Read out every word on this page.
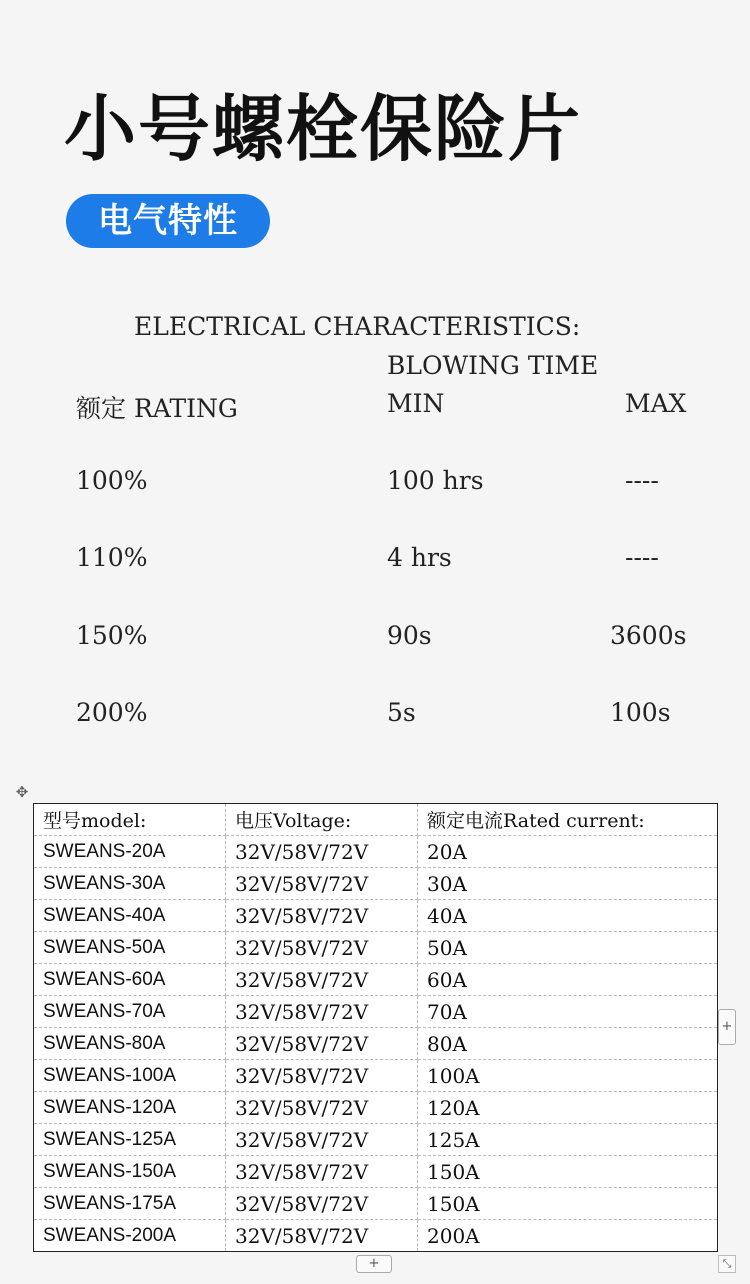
小号螺栓保险片
电气特性
ELECTRICAL CHARACTERISTICS:
BLOWING TIME
额定 RATING	MIN	MAX
100%	100 hrs	----
110%	4 hrs	----
150%	90s	3600s
200%	5s	100s
✥
型号model:	电压Voltage:	额定电流Rated current:
SWEANS-20A	32V/58V/72V	20A
SWEANS-30A	32V/58V/72V	30A
SWEANS-40A	32V/58V/72V	40A
SWEANS-50A	32V/58V/72V	50A
SWEANS-60A	32V/58V/72V	60A
SWEANS-70A	32V/58V/72V	70A
SWEANS-80A	32V/58V/72V	80A
SWEANS-100A	32V/58V/72V	100A
SWEANS-120A	32V/58V/72V	120A
SWEANS-125A	32V/58V/72V	125A
SWEANS-150A	32V/58V/72V	150A
SWEANS-175A	32V/58V/72V	150A
SWEANS-200A	32V/58V/72V	200A
+
+	⤡
